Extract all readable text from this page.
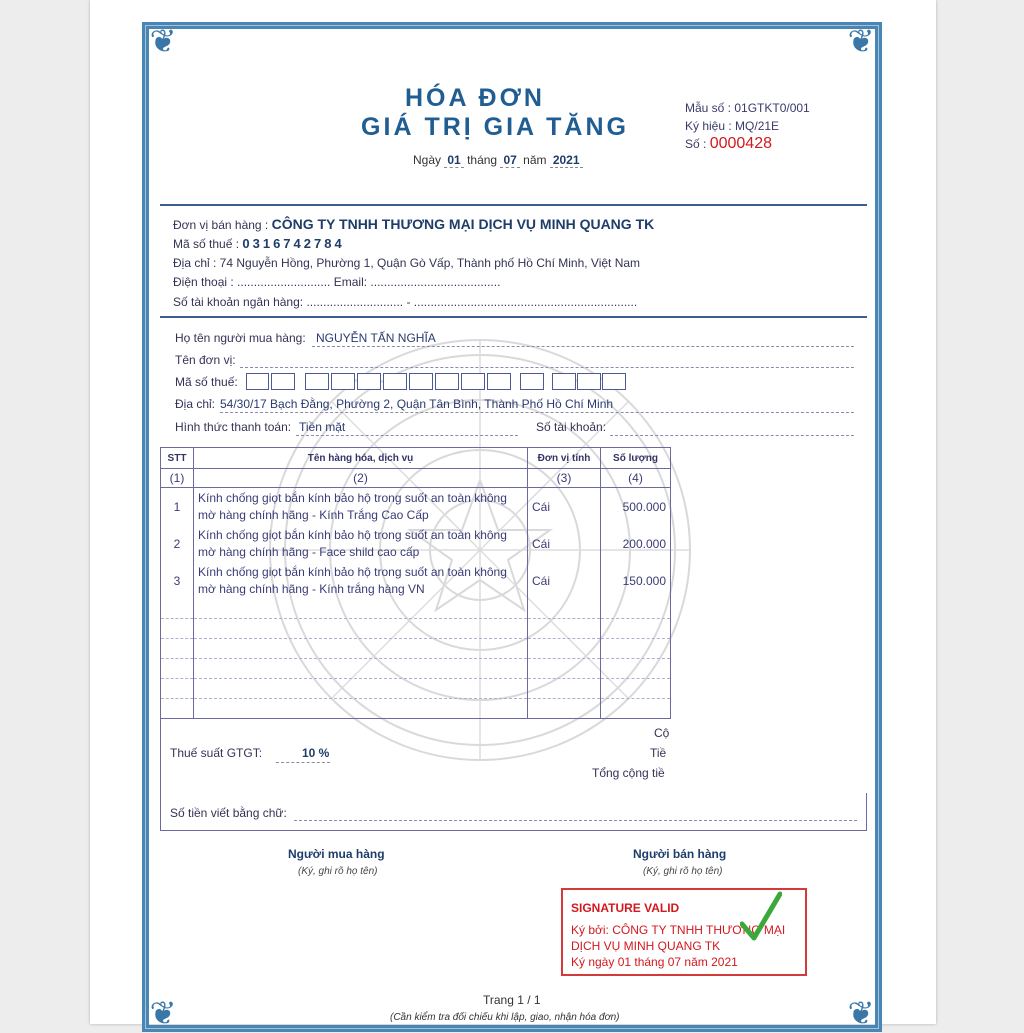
❦	❦
❦	❦
HÓA ĐƠN
GIÁ TRỊ GIA TĂNG
Ngày 01 tháng 07 năm 2021
Mẫu số : 01GTKT0/001
Ký hiệu : MQ/21E
Số : 0000428
Đơn vị bán hàng : CÔNG TY TNHH THƯƠNG MẠI DỊCH VỤ MINH QUANG TK
Mã số thuế : 0316742784
Địa chỉ : 74 Nguyễn Hồng, Phường 1, Quận Gò Vấp, Thành phố Hồ Chí Minh, Việt Nam
Điện thoại : ............................ Email: .......................................
Số tài khoản ngân hàng: ............................. - ...................................................................
Họ tên người mua hàng: NGUYỄN TẤN NGHĨA
Tên đơn vị:
Mã số thuế:
Địa chỉ: 54/30/17 Bạch Đằng, Phường 2, Quận Tân Bình, Thành Phố Hồ Chí Minh
Hình thức thanh toán: Tiền mặt	Số tài khoản:
STT	Tên hàng hóa, dịch vụ	Đơn vị tính	Số lượng
(1)	(2)	(3)	(4)
1	Kính chống giọt bắn kính bảo hộ trong suốt an toàn không
mờ hàng chính hãng - Kính Trắng Cao Cấp	Cái	500.000
2	Kính chống giọt bắn kính bảo hộ trong suốt an toàn không
mờ hàng chính hãng - Face shild cao cấp	Cái	200.000
3	Kính chống giọt bắn kính bảo hộ trong suốt an toàn không
mờ hàng chính hãng - Kính trắng hàng VN	Cái	150.000

Thuế suất GTGT:	10 %
Cộ
Tiề
Tổng cộng tiề
Số tiền viết bằng chữ:
Người mua hàng
(Ký, ghi rõ họ tên)
Người bán hàng
(Ký, ghi rõ họ tên)
SIGNATURE VALID
Ký bởi: CÔNG TY TNHH THƯƠNG MẠI
DỊCH VỤ MINH QUANG TK
Ký ngày 01 tháng 07 năm 2021
Trang 1 / 1
(Cần kiểm tra đối chiếu khi lập, giao, nhận hóa đơn)
